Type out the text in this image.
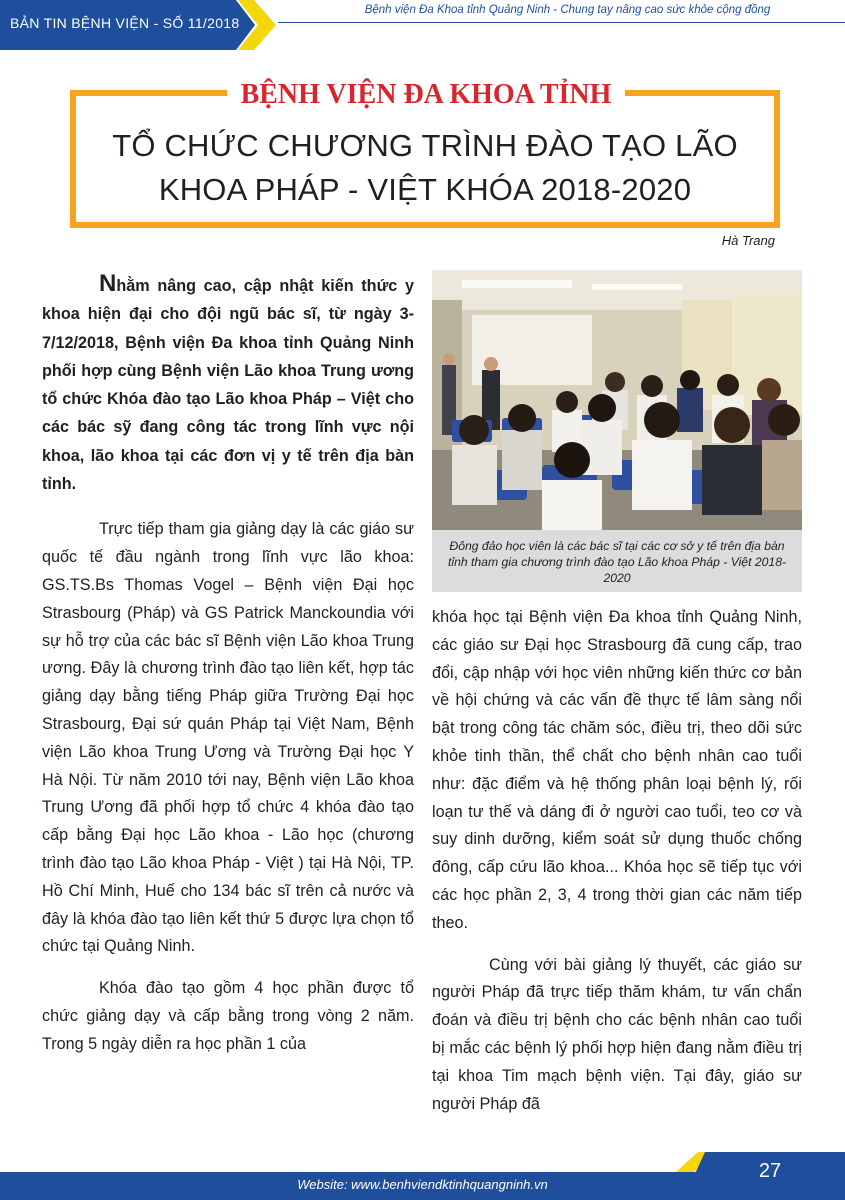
BẢN TIN BỆNH VIỆN - SỐ 11/2018
Bệnh viện Đa Khoa tỉnh Quảng Ninh - Chung tay nâng cao sức khỏe cộng đồng
BỆNH VIỆN ĐA KHOA TỈNH
TỔ CHỨC CHƯƠNG TRÌNH ĐÀO TẠO LÃO
KHOA PHÁP - VIỆT KHÓA 2018-2020
Hà Trang

Nhằm nâng cao, cập nhật kiến thức y khoa hiện đại cho đội ngũ bác sĩ, từ ngày 3-7/12/2018, Bệnh viện Đa khoa tỉnh Quảng Ninh phối hợp cùng Bệnh viện Lão khoa Trung ương tổ chức Khóa đào tạo Lão khoa Pháp – Việt cho các bác sỹ đang công tác trong lĩnh vực nội khoa, lão khoa tại các đơn vị y tế trên địa bàn tỉnh.

Trực tiếp tham gia giảng dạy là các giáo sư quốc tế đầu ngành trong lĩnh vực lão khoa: GS.TS.Bs Thomas Vogel – Bệnh viện Đại học Strasbourg (Pháp) và GS Patrick Manckoundia với sự hỗ trợ của các bác sĩ Bệnh viện Lão khoa Trung ương. Đây là chương trình đào tạo liên kết, hợp tác giảng dạy bằng tiếng Pháp giữa Trường Đại học Strasbourg, Đại sứ quán Pháp tại Việt Nam, Bệnh viện Lão khoa Trung Ương và Trường Đại học Y Hà Nội. Từ năm 2010 tới nay, Bệnh viện Lão khoa Trung Ương đã phối hợp tổ chức 4 khóa đào tạo cấp bằng Đại học Lão khoa - Lão học (chương trình đào tạo Lão khoa Pháp - Việt ) tại Hà Nội, TP. Hồ Chí Minh, Huế cho 134 bác sĩ trên cả nước và đây là khóa đào tạo liên kết thứ 5 được lựa chọn tổ chức tại Quảng Ninh.

Khóa đào tạo gồm 4 học phần được tổ chức giảng dạy và cấp bằng trong vòng 2 năm. Trong 5 ngày diễn ra học phần 1 của

Đông đảo học viên là các bác sĩ tại các cơ sở y tế trên địa bàn tỉnh tham gia chương trình đào tạo Lão khoa Pháp - Việt 2018-2020

khóa học tại Bệnh viện Đa khoa tỉnh Quảng Ninh, các giáo sư Đại học Strasbourg đã cung cấp, trao đổi, cập nhập với học viên những kiến thức cơ bản về hội chứng và các vấn đề thực tế lâm sàng nổi bật trong công tác chăm sóc, điều trị, theo dõi sức khỏe tinh thần, thể chất cho bệnh nhân cao tuổi như: đặc điểm và hệ thống phân loại bệnh lý, rối loạn tư thế và dáng đi ở người cao tuổi, teo cơ và suy dinh dưỡng, kiểm soát sử dụng thuốc chống đông, cấp cứu lão khoa... Khóa học sẽ tiếp tục với các học phần 2, 3, 4 trong thời gian các năm tiếp theo.

Cùng với bài giảng lý thuyết, các giáo sư người Pháp đã trực tiếp thăm khám, tư vấn chẩn đoán và điều trị bệnh cho các bệnh nhân cao tuổi bị mắc các bệnh lý phối hợp hiện đang nằm điều trị tại khoa Tim mạch bệnh viện. Tại đây, giáo sư người Pháp đã

Website: www.benhviendktinhquangninh.vn
27
